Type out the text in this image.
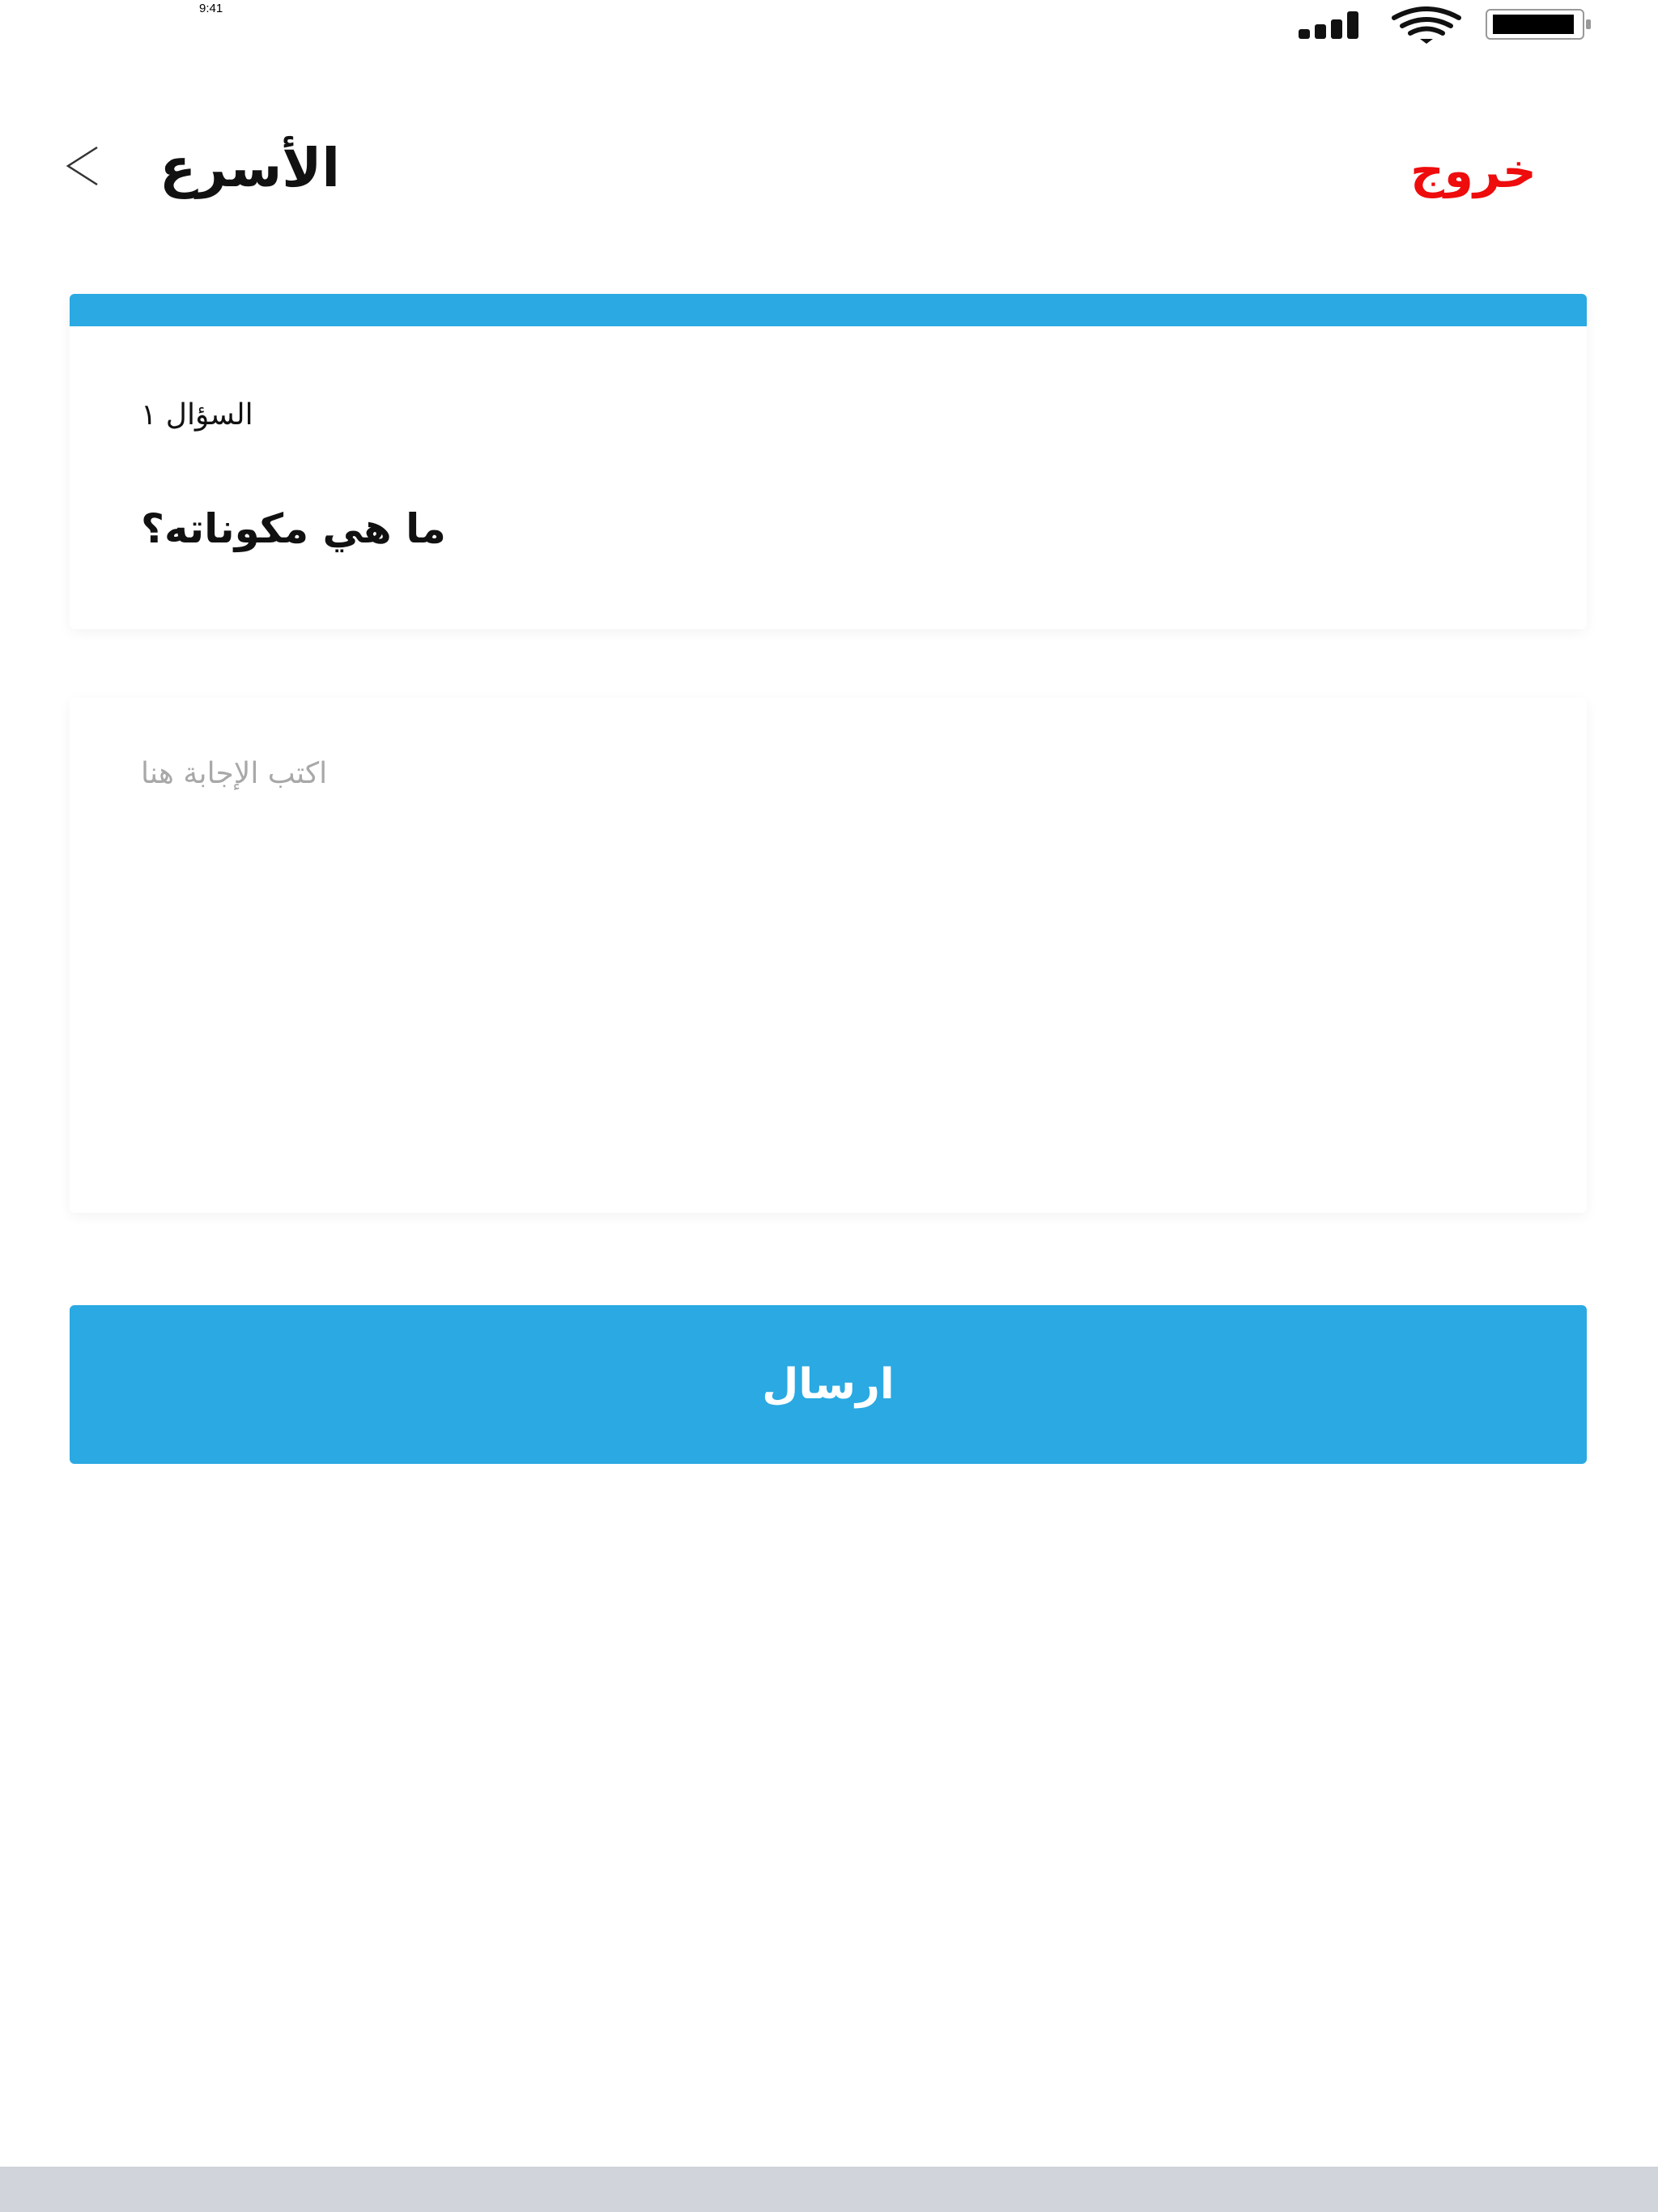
9:41
الأسرع	خروج
السؤال ١
ما هي مكوناته؟
اكتب الإجابة هنا
ارسال
